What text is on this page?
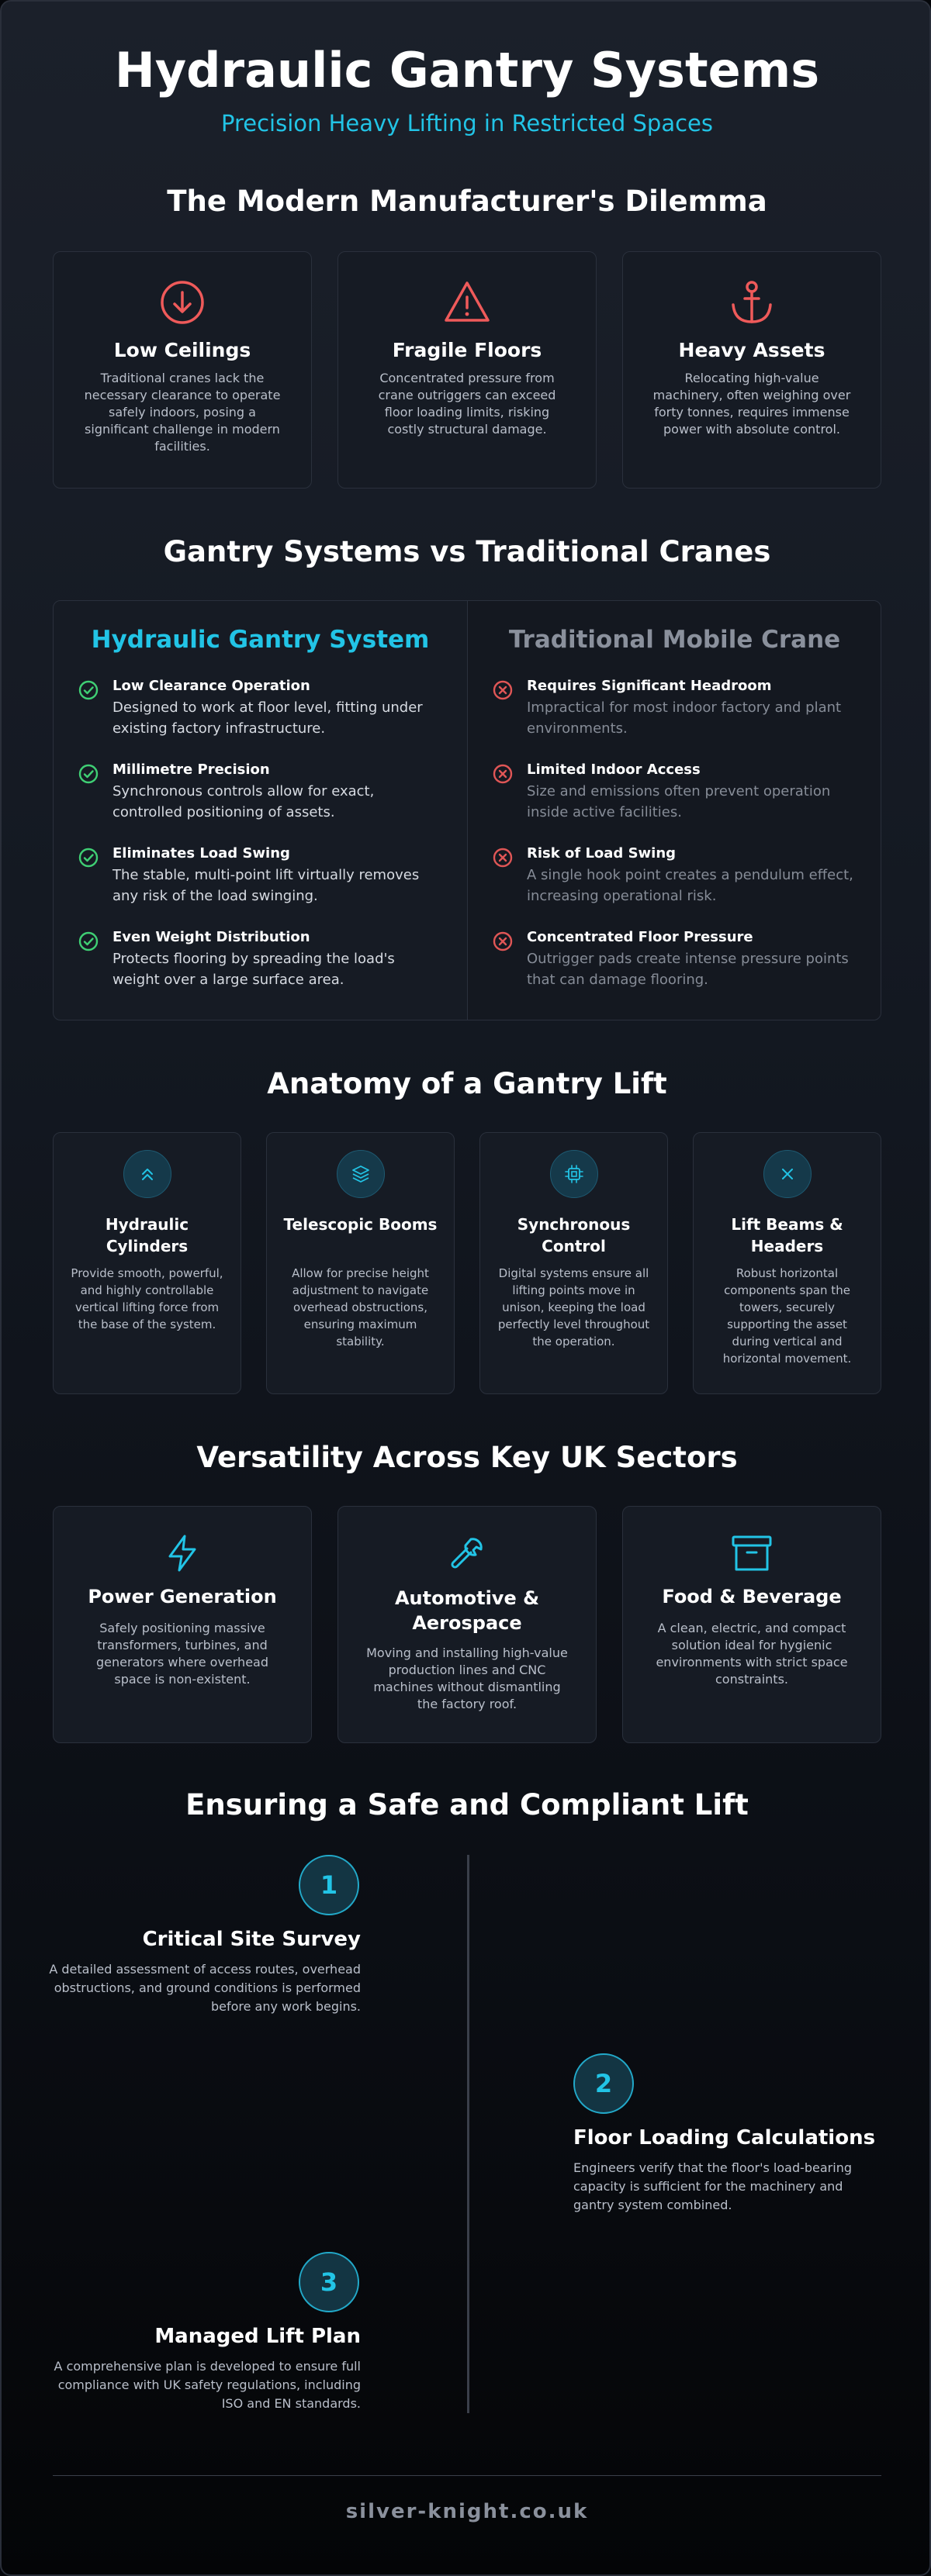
Hydraulic Gantry Systems
Precision Heavy Lifting in Restricted Spaces
The Modern Manufacturer's Dilemma
Low Ceilings
Traditional cranes lack the necessary clearance to operate safely indoors, posing a significant challenge in modern facilities.
Fragile Floors
Concentrated pressure from crane outriggers can exceed floor loading limits, risking costly structural damage.
Heavy Assets
Relocating high-value machinery, often weighing over forty tonnes, requires immense power with absolute control.
Gantry Systems vs Traditional Cranes
Hydraulic Gantry System	Traditional Mobile Crane
Low Clearance Operation
Designed to work at floor level, fitting under existing factory infrastructure.
Millimetre Precision
Synchronous controls allow for exact, controlled positioning of assets.
Eliminates Load Swing
The stable, multi-point lift virtually removes any risk of the load swinging.
Even Weight Distribution
Protects flooring by spreading the load's weight over a large surface area.
Requires Significant Headroom
Impractical for most indoor factory and plant environments.
Limited Indoor Access
Size and emissions often prevent operation inside active facilities.
Risk of Load Swing
A single hook point creates a pendulum effect, increasing operational risk.
Concentrated Floor Pressure
Outrigger pads create intense pressure points that can damage flooring.
Anatomy of a Gantry Lift
Hydraulic Cylinders
Provide smooth, powerful, and highly controllable vertical lifting force from the base of the system.
Telescopic Booms
Allow for precise height adjustment to navigate overhead obstructions, ensuring maximum stability.
Synchronous Control
Digital systems ensure all lifting points move in unison, keeping the load perfectly level throughout the operation.
Lift Beams & Headers
Robust horizontal components span the towers, securely supporting the asset during vertical and horizontal movement.
Versatility Across Key UK Sectors
Power Generation
Safely positioning massive transformers, turbines, and generators where overhead space is non-existent.
Automotive & Aerospace
Moving and installing high-value production lines and CNC machines without dismantling the factory roof.
Food & Beverage
A clean, electric, and compact solution ideal for hygienic environments with strict space constraints.
Ensuring a Safe and Compliant Lift
1
Critical Site Survey
A detailed assessment of access routes, overhead obstructions, and ground conditions is performed before any work begins.
2
Floor Loading Calculations
Engineers verify that the floor's load-bearing capacity is sufficient for the machinery and gantry system combined.
3
Managed Lift Plan
A comprehensive plan is developed to ensure full compliance with UK safety regulations, including ISO and EN standards.
silver-knight.co.uk
